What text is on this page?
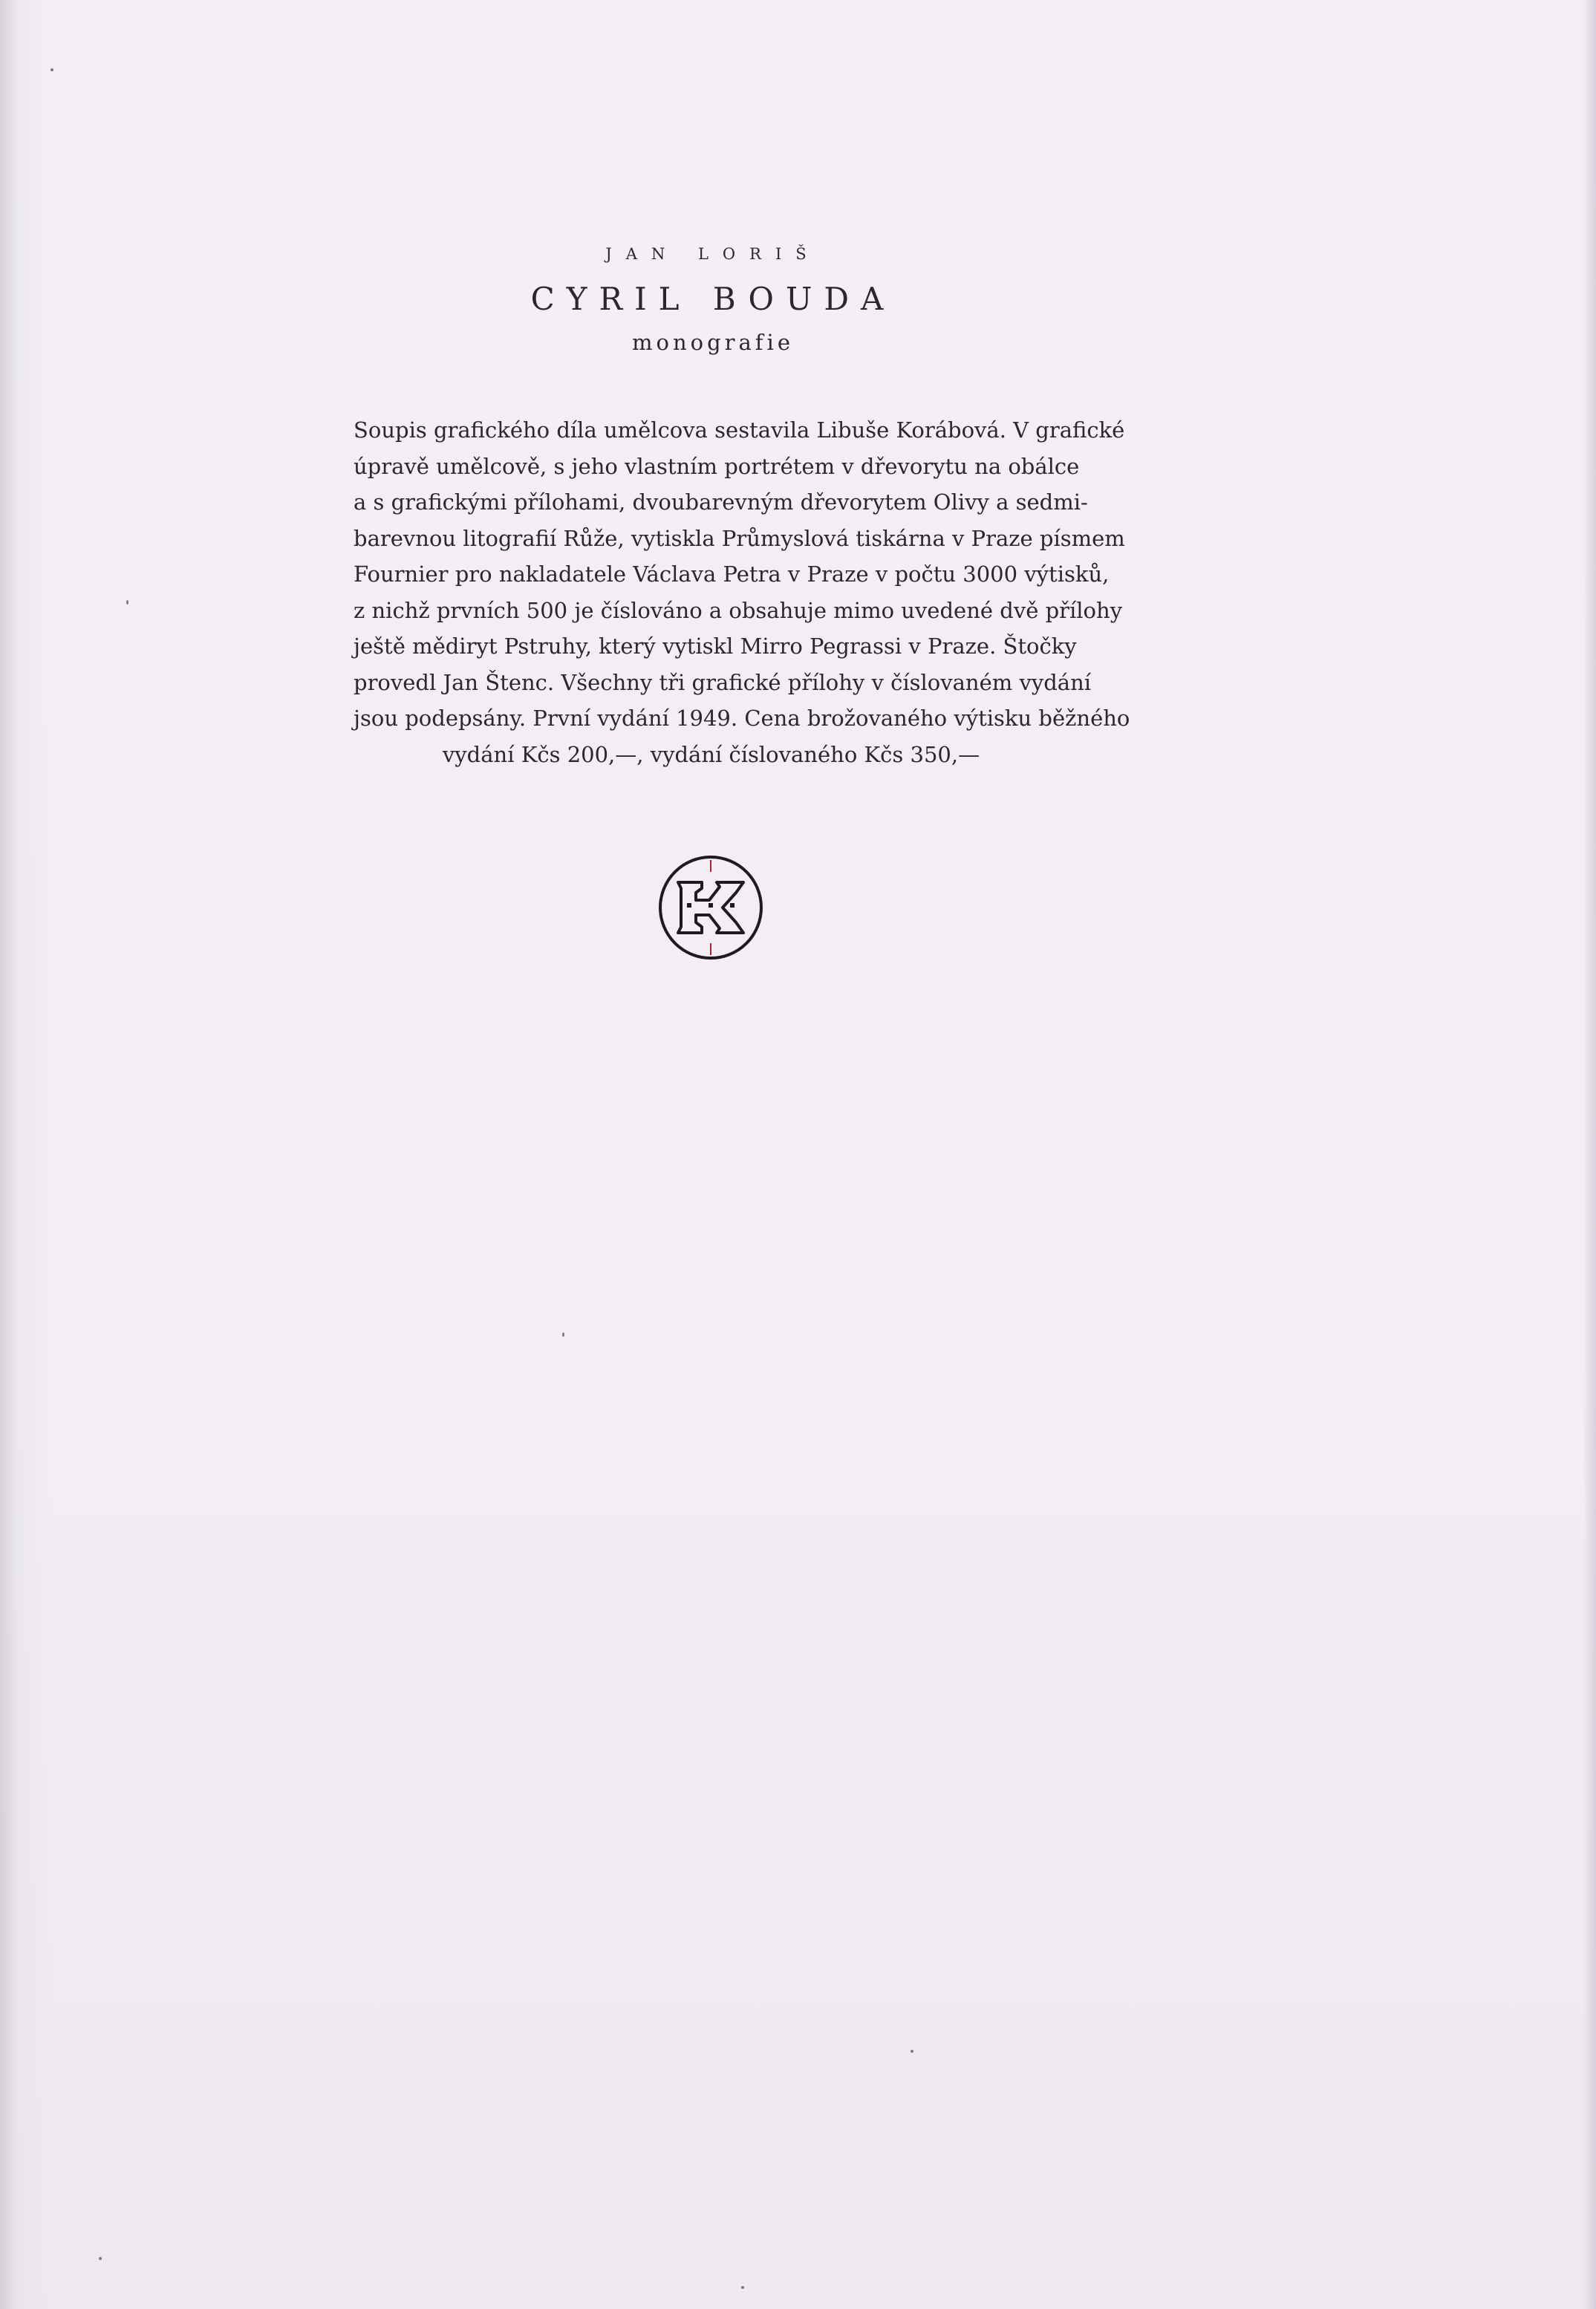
JAN LORIŠ
CYRIL BOUDA
monografie
Soupis grafického díla umělcova sestavila Libuše Korábová. V grafické
úpravě umělcově, s jeho vlastním portrétem v dřevorytu na obálce
a s grafickými přílohami, dvoubarevným dřevorytem Olivy a sedmi-
barevnou litografií Růže, vytiskla Průmyslová tiskárna v Praze písmem
Fournier pro nakladatele Václava Petra v Praze v počtu 3000 výtisků,
z nichž prvních 500 je číslováno a obsahuje mimo uvedené dvě přílohy
ještě mědiryt Pstruhy, který vytiskl Mirro Pegrassi v Praze. Štočky
provedl Jan Štenc. Všechny tři grafické přílohy v číslovaném vydání
jsou podepsány. První vydání 1949. Cena brožovaného výtisku běžného
vydání Kčs 200,—, vydání číslovaného Kčs 350,—
